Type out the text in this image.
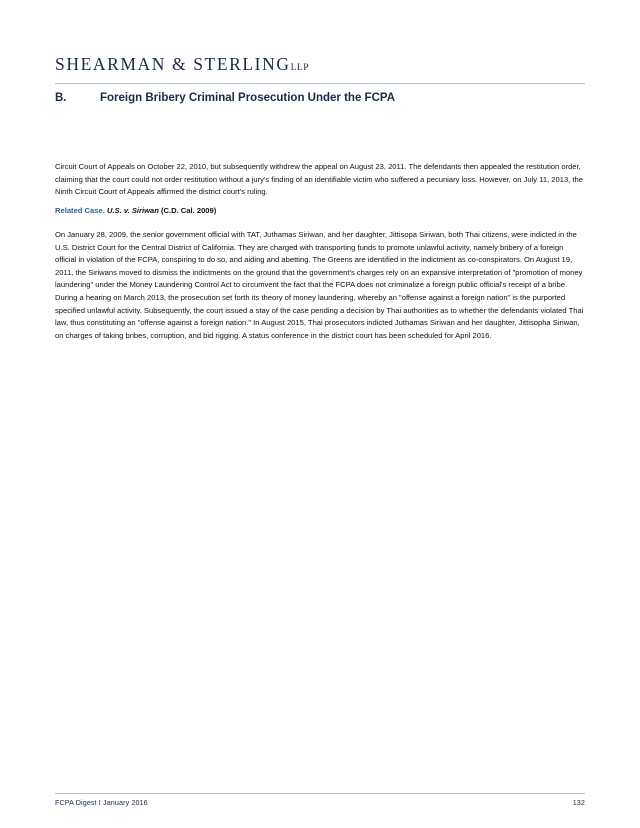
SHEARMAN & STERLINGLLP
B.	Foreign Bribery Criminal Prosecution Under the FCPA
Circuit Court of Appeals on October 22, 2010, but subsequently withdrew the appeal on August 23, 2011. The defendants then appealed the restitution order, claiming that the court could not order restitution without a jury's finding of an identifiable victim who suffered a pecuniary loss. However, on July 11, 2013, the Ninth Circuit Court of Appeals affirmed the district court's ruling.
Related Case. U.S. v. Siriwan (C.D. Cal. 2009)
On January 28, 2009, the senior government official with TAT, Juthamas Siriwan, and her daughter, Jittisopa Siriwan, both Thai citizens, were indicted in the U.S. District Court for the Central District of California. They are charged with transporting funds to promote unlawful activity, namely bribery of a foreign official in violation of the FCPA, conspiring to do so, and aiding and abetting. The Greens are identified in the indictment as co-conspirators. On August 19, 2011, the Siriwans moved to dismiss the indictments on the ground that the government's charges rely on an expansive interpretation of "promotion of money laundering" under the Money Laundering Control Act to circumvent the fact that the FCPA does not criminalize a foreign public official's receipt of a bribe. During a hearing on March 2013, the prosecution set forth its theory of money laundering, whereby an "offense against a foreign nation" is the purported specified unlawful activity. Subsequently, the court issued a stay of the case pending a decision by Thai authorities as to whether the defendants violated Thai law, thus constituting an "offense against a foreign nation." In August 2015, Thai prosecutors indicted Juthamas Siriwan and her daughter, Jittisopha Siriwan, on charges of taking bribes, corruption, and bid rigging. A status conference in the district court has been scheduled for April 2016.
FCPA Digest I January 2016	132
